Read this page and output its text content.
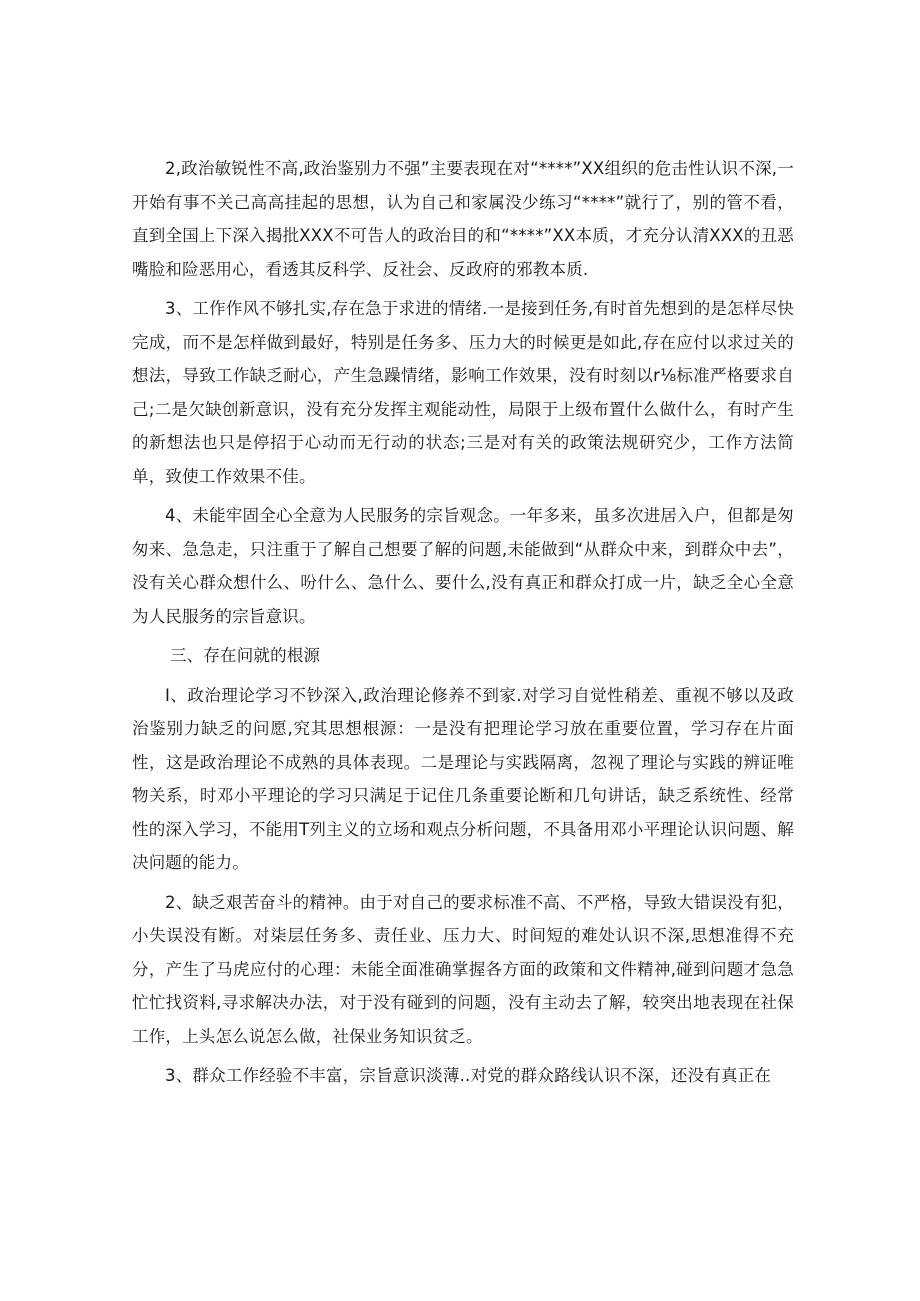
2,政治敏锐性不高,政治鉴别力不强”主要表现在对“****”XX组织的危击性认识不深,一开始有事不关己高高挂起的思想，认为自己和家属没少练习“****”就行了，别的管不看，直到全国上下深入揭批XXX不可告人的政治目的和“****”XX本质，才充分认清XXX的丑恶嘴脸和险恶用心，看透其反科学、反社会、反政府的邪教本质.

3、工作作风不够扎实,存在急于求进的情绪.一是接到任务,有时首先想到的是怎样尽快完成，而不是怎样做到最好，特别是任务多、压力大的时候更是如此,存在应付以求过关的想法，导致工作缺乏耐心，产生急躁情绪，影响工作效果，没有时刻以r⅛标准严格要求自己;二是欠缺创新意识，没有充分发挥主观能动性，局限于上级布置什么做什么，有时产生的新想法也只是停招于心动而无行动的状态;三是对有关的政策法规研究少，工作方法简单，致使工作效果不佳。

4、未能牢固全心全意为人民服务的宗旨观念。一年多来，虽多次进居入户，但都是匆匆来、急急走，只注重于了解自己想要了解的问题,未能做到“从群众中来，到群众中去”，没有关心群众想什么、吩什么、急什么、要什么,没有真正和群众打成一片，缺乏全心全意为人民服务的宗旨意识。

三、存在问就的根源

I、政治理论学习不钞深入,政治理论修养不到家.对学习自觉性稍差、重视不够以及政治鉴别力缺乏的问愿,究其思想根源：一是没有把理论学习放在重要位置，学习存在片面性，这是政治理论不成熟的具体表现。二是理论与实践隔离，忽视了理论与实践的辨证唯物关系，时邓小平理论的学习只满足于记住几条重要论断和几句讲话，缺乏系统性、经常性的深入学习，不能用T列主义的立场和观点分析问题，不具备用邓小平理论认识问题、解决问题的能力。

2、缺乏艰苦奋斗的精神。由于对自己的要求标准不高、不严格，导致大错误没有犯，小失误没有断。对柒层任务多、责任业、压力大、时间短的难处认识不深,思想准得不充分，产生了马虎应付的心理：未能全面准确掌握各方面的政策和文件精神,碰到问题才急急忙忙找资料,寻求解决办法，对于没有碰到的问题，没有主动去了解，较突出地表现在社保工作，上头怎么说怎么做，社保业务知识贫乏。

3、群众工作经验不丰富，宗旨意识淡薄..对党的群众路线认识不深，还没有真正在
